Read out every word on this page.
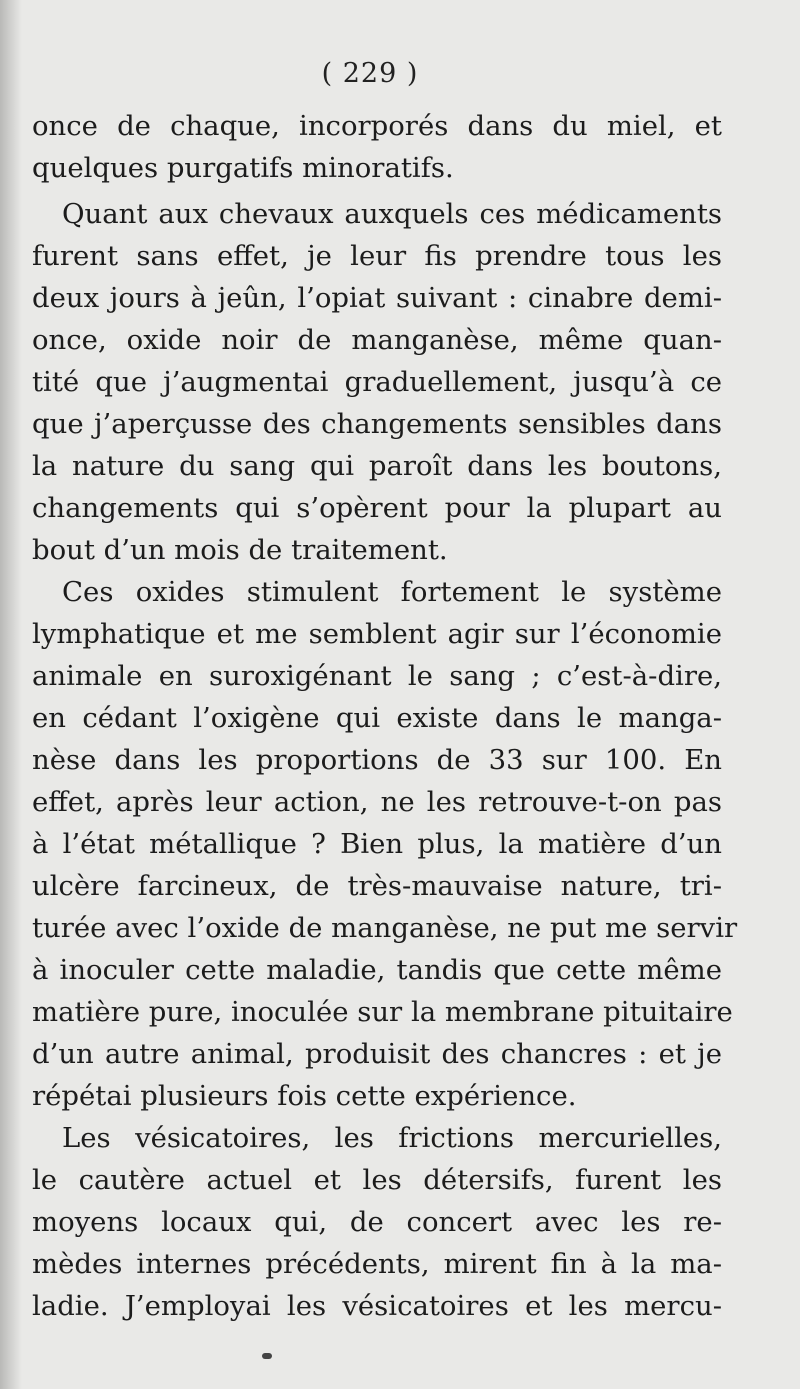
( 229 )
once de chaque, incorporés dans du miel, et
quelques purgatifs minoratifs.
Quant aux chevaux auxquels ces médicaments
furent sans effet, je leur fis prendre tous les
deux jours à jeûn, l’opiat suivant : cinabre demi-
once, oxide noir de manganèse, même quan-
tité que j’augmentai graduellement, jusqu’à ce
que j’aperçusse des changements sensibles dans
la nature du sang qui paroît dans les boutons,
changements qui s’opèrent pour la plupart au
bout d’un mois de traitement.
Ces oxides stimulent fortement le système
lymphatique et me semblent agir sur l’économie
animale en suroxigénant le sang ; c’est-à-dire,
en cédant l’oxigène qui existe dans le manga-
nèse dans les proportions de 33 sur 100. En
effet, après leur action, ne les retrouve-t-on pas
à l’état métallique ? Bien plus, la matière d’un
ulcère farcineux, de très-mauvaise nature, tri-
turée avec l’oxide de manganèse, ne put me servir
à inoculer cette maladie, tandis que cette même
matière pure, inoculée sur la membrane pituitaire
d’un autre animal, produisit des chancres : et je
répétai plusieurs fois cette expérience.
Les vésicatoires, les frictions mercurielles,
le cautère actuel et les détersifs, furent les
moyens locaux qui, de concert avec les re-
mèdes internes précédents, mirent fin à la ma-
ladie. J’employai les vésicatoires et les mercu-
